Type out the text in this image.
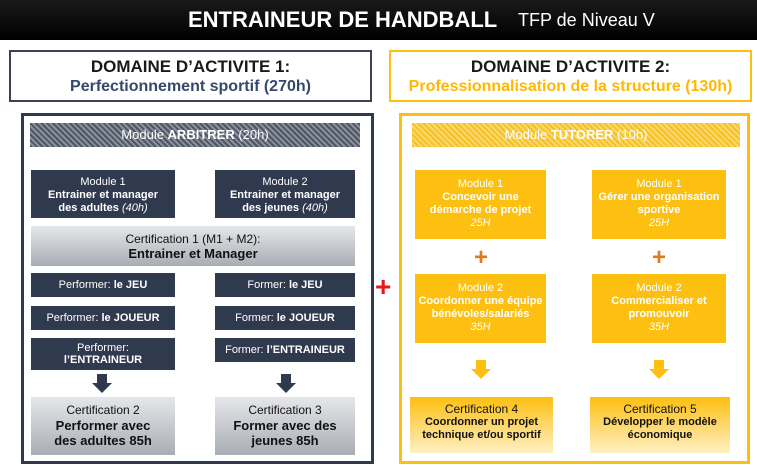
ENTRAINEUR DE HANDBALL TFP de Niveau V
DOMAINE D’ACTIVITE 1:
Perfectionnement sportif (270h)
DOMAINE D’ACTIVITE 2:
Professionnalisation de la structure (130h)
Module ARBITRER (20h)	Module TUTORER (10h)
Module 1
Entrainer et manager
des adultes (40h)
Module 2
Entrainer et manager
des jeunes (40h)
Certification 1 (M1 + M2):
Entrainer et Manager
Performer: le JEU
Performer: le JOUEUR
Performer:
l’ENTRAINEUR
Former: le JEU
Former: le JOUEUR
Former: l’ENTRAINEUR
Certification 2
Performer avec
des adultes 85h
Certification 3
Former avec des
jeunes 85h
+
Module 1
Concevoir une
démarche de projet
25H
Module 1
Gérer une organisation
sportive
25H
+	+
Module 2
Coordonner une équipe
bénévoles/salariés
35H
Module 2
Commercialiser et
promouvoir
35H
Certification 4
Coordonner un projet
technique et/ou sportif
Certification 5
Développer le modèle
économique
